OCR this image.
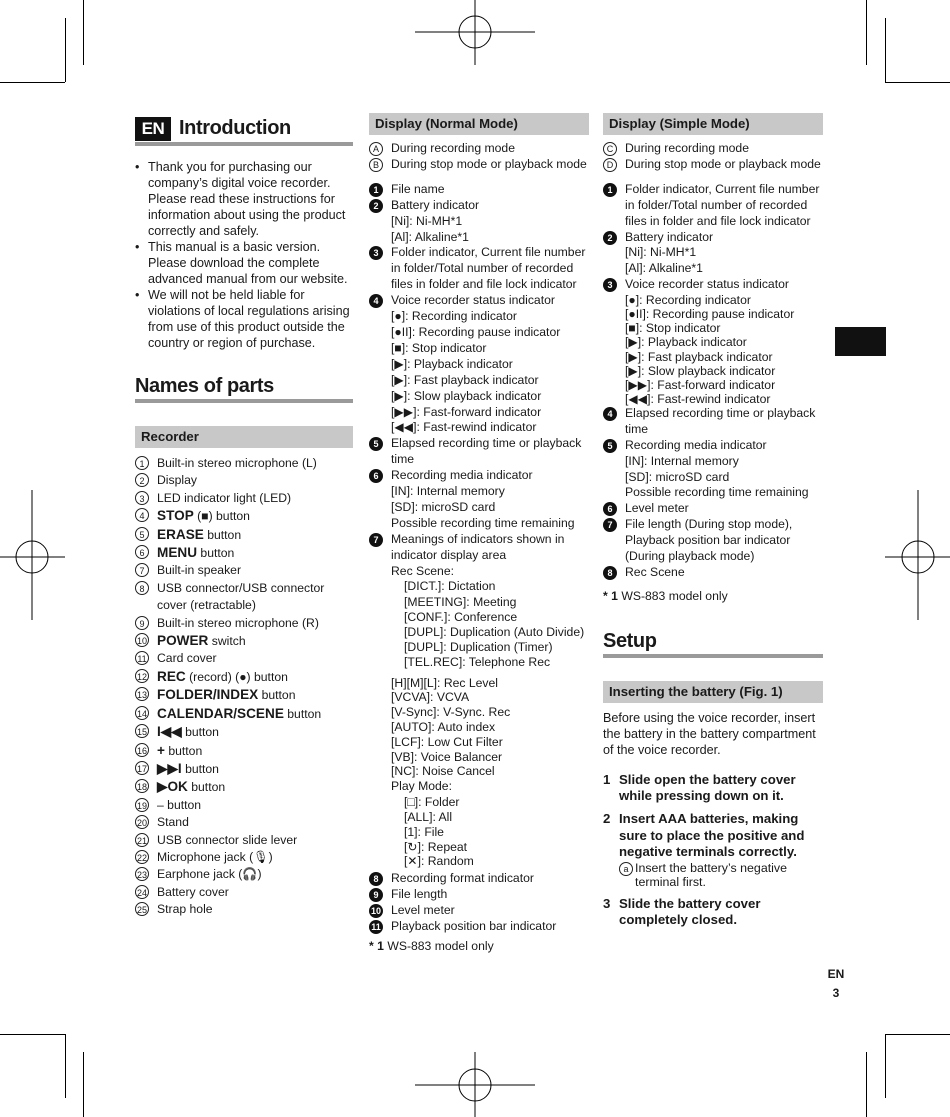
EN Introduction
• Thank you for purchasing our company’s digital voice recorder. Please read these instructions for information about using the product correctly and safely.
• This manual is a basic version. Please download the complete advanced manual from our website.
• We will not be held liable for violations of local regulations arising from use of this product outside the country or region of purchase.
Names of parts
Recorder
1	Built-in stereo microphone (L)
2	Display
3	LED indicator light (LED)
4 STOP (■) button
5 ERASE button
6 MENU button
7	Built-in speaker
8	USB connector/USB connector cover (retractable)
9	Built-in stereo microphone (R)
10 POWER switch
11 Card cover
12 REC (record) (●) button
13 FOLDER/INDEX button
14 CALENDAR/SCENE button
15 I◀◀ button
16 + button
17 ▶▶I button
18 ▶OK button
19 – button
20 Stand
21 USB connector slide lever
22 Microphone jack (🎙)
23 Earphone jack (🎧)
24 Battery cover
25 Strap hole
Display (Normal Mode)
A During recording mode
B During stop mode or playback mode
1	File name
2	Battery indicator
[Ni]: Ni-MH*1
[Al]: Alkaline*1
3	Folder indicator, Current file number in folder/Total number of recorded files in folder and file lock indicator
4	Voice recorder status indicator
[●]: Recording indicator
[●II]: Recording pause indicator
[■]: Stop indicator
[▶]: Playback indicator
[▶]: Fast playback indicator
[▶]: Slow playback indicator
[▶▶]: Fast-forward indicator
[◀◀]: Fast-rewind indicator
5	Elapsed recording time or playback time
6	Recording media indicator
[IN]: Internal memory
[SD]: microSD card
Possible recording time remaining
7	Meanings of indicators shown in indicator display area
Rec Scene:
[DICT.]: Dictation
[MEETING]: Meeting
[CONF.]: Conference
[DUPL]: Duplication (Auto Divide)
[DUPL]: Duplication (Timer)
[TEL.REC]: Telephone Rec
[H][M][L]: Rec Level
[VCVA]: VCVA
[V-Sync]: V-Sync. Rec
[AUTO]: Auto index
[LCF]: Low Cut Filter
[VB]: Voice Balancer
[NC]: Noise Cancel
Play Mode:
[□]: Folder
[ALL]: All
[1]: File
[↻]: Repeat
[✕]: Random
8	Recording format indicator
9	File length
10 Level meter
11 Playback position bar indicator
* 1 WS-883 model only
Display (Simple Mode)
C During recording mode
D During stop mode or playback mode
1	Folder indicator, Current file number in folder/Total number of recorded files in folder and file lock indicator
2	Battery indicator
[Ni]: Ni-MH*1
[Al]: Alkaline*1
3	Voice recorder status indicator
[●]: Recording indicator
[●II]: Recording pause indicator
[■]: Stop indicator
[▶]: Playback indicator
[▶]: Fast playback indicator
[▶]: Slow playback indicator
[▶▶]: Fast-forward indicator
[◀◀]: Fast-rewind indicator
4	Elapsed recording time or playback time
5	Recording media indicator
[IN]: Internal memory
[SD]: microSD card
Possible recording time remaining
6	Level meter
7	File length (During stop mode), Playback position bar indicator (During playback mode)
8	Rec Scene
* 1 WS-883 model only
Setup
Inserting the battery (Fig. 1)
Before using the voice recorder, insert the battery in the battery compartment of the voice recorder.
1 Slide open the battery cover while pressing down on it.
2 Insert AAA batteries, making sure to place the positive and negative terminals correctly.
a Insert the battery’s negative terminal first.
3 Slide the battery cover completely closed.
EN
3
